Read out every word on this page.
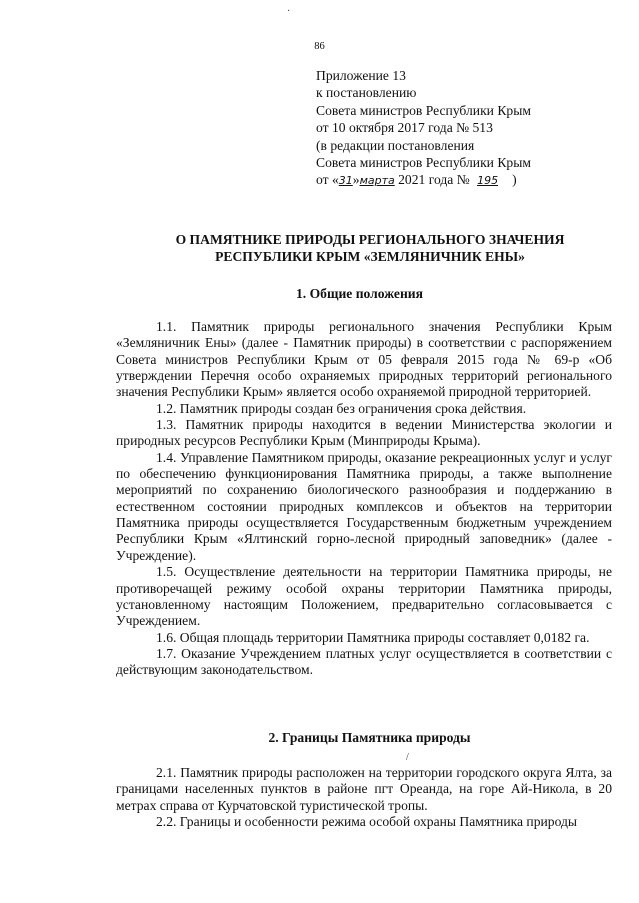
·
86
Приложение 13
к постановлению
Совета министров Республики Крым
от 10 октября 2017 года № 513
(в редакции постановления
Совета министров Республики Крым
от «31»марта 2021 года № 195 )
О ПАМЯТНИКЕ ПРИРОДЫ РЕГИОНАЛЬНОГО ЗНАЧЕНИЯ
РЕСПУБЛИКИ КРЫМ «ЗЕМЛЯНИЧНИК ЕНЫ»
1. Общие положения

1.1. Памятник природы регионального значения Республики Крым «Земляничник Ены» (далее - Памятник природы) в соответствии с распоряжением Совета министров Республики Крым от 05 февраля 2015 года № 69-р «Об утверждении Перечня особо охраняемых природных территорий регионального значения Республики Крым» является особо охраняемой природной территорией.

1.2. Памятник природы создан без ограничения срока действия.

1.3. Памятник природы находится в ведении Министерства экологии и природных ресурсов Республики Крым (Минприроды Крыма).

1.4. Управление Памятником природы, оказание рекреационных услуг и услуг по обеспечению функционирования Памятника природы, а также выполнение мероприятий по сохранению биологического разнообразия и поддержанию в естественном состоянии природных комплексов и объектов на территории Памятника природы осуществляется Государственным бюджетным учреждением Республики Крым «Ялтинский горно-лесной природный заповедник» (далее - Учреждение).

1.5. Осуществление деятельности на территории Памятника природы, не противоречащей режиму особой охраны территории Памятника природы, установленному настоящим Положением, предварительно согласовывается с Учреждением.

1.6. Общая площадь территории Памятника природы составляет 0,0182 га.

1.7. Оказание Учреждением платных услуг осуществляется в соответствии с действующим законодательством.

2. Границы Памятника природы
/

2.1. Памятник природы расположен на территории городского округа Ялта, за границами населенных пунктов в районе пгт Ореанда, на горе Ай-Никола, в 20 метрах справа от Курчатовской туристической тропы.

2.2. Границы и особенности режима особой охраны Памятника природы
